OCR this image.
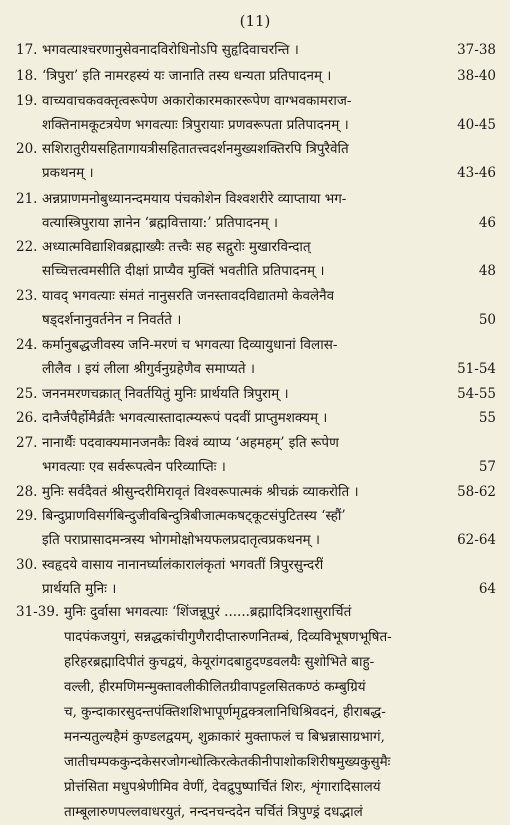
(11)
17. भगवत्याश्चरणानुसेवनादविरोधिनोऽपि सुहृदिवाचरन्ति ।	37-38
18. ‘त्रिपुरा’ इति नामरहस्यं यः जानाति तस्य धन्यता प्रतिपादनम् ।	38-40
19. वाच्यवाचकवक्तृत्वरूपेण अकारोकारमकाररूपेण वाग्भवकामराज-
शक्तिनामकूटत्रयेण भगवत्याः त्रिपुरायाः प्रणवरूपता प्रतिपादनम् ।	40-45
20. सशिरातुरीयसहितागायत्रीसहितातत्त्वदर्शनमुख्यशक्तिरपि त्रिपुरैवेति
प्रकथनम् ।	43-46
21. अन्नप्राणमनोबुध्यानन्दमयाय पंचकोशेन विश्वशरीरे व्याप्ताया भग-
वत्यास्त्रिपुराया ज्ञानेन ‘ब्रह्मवित्ताया:’ प्रतिपादनम् ।	46
22. अध्यात्मविद्याशिवब्रह्माख्यैः तत्त्वैः सह सद्गुरोः मुखारविन्दात्
सच्चित्तत्वमसीति दीक्षां प्राप्यैव मुक्तिं भवतीति प्रतिपादनम् ।	48
23. यावद् भगवत्याः संमतं नानुसरति जनस्तावदविद्यातमो केवलेनैव
षड्दर्शनानुवर्तनेन न निवर्तते ।	50
24. कर्मानुबद्धजीवस्य जनि-मरणं च भगवत्या दिव्यायुधानां विलास-
लीलैव । इयं लीला श्रीगुर्वनुग्रहेणैव समाप्यते ।	51-54
25. जननमरणचक्रात् निवर्तयितुं मुनिः प्रार्थयति त्रिपुराम् ।	54-55
26. दानैर्जपैर्होमैर्व्रतैः भगवत्यास्तादात्म्यरूपं पदवीं प्राप्तुमशक्यम् ।	55
27. नानार्थैः पदवाक्यमानजनकैः विश्वं व्याप्य ‘अहमहम्’ इति रूपेण
भगवत्याः एव सर्वरूपत्वेन परिव्याप्तिः ।	57
28. मुनिः सर्वदैवतं श्रीसुन्दरीमिरावृतं विश्वरूपात्मकं श्रीचक्रं व्याकरोति ।	58-62
29. बिन्दुप्राणविसर्गबिन्दुजीवबिन्दुत्रिबीजात्मकषट्कूटसंपुटितस्य ‘स्हौं’
इति पराप्रासादमन्त्रस्य भोगमोक्षोभयफलप्रदातृत्वप्रकथनम् ।	62-64
30. स्वहृदये वासाय नानानर्घ्यालंकारालंकृतां भगवतीं त्रिपुरसुन्दरीं
प्रार्थयति मुनिः ।	64
31-39. मुनिः दुर्वासा भगवत्याः ‘शिंजन्नूपुरं ......ब्रह्मादित्रिदशासुरार्चितं
पादपंकजयुगं, सन्नद्धकांचीगुणैरादीप्तारुणनितम्बं, दिव्यविभूषणभूषित-
हरिहरब्रह्मादिपीतं कुचद्वयं, केयूरांगदबाहुदण्डवलयैः सुशोभिते बाहु-
वल्ली, हीरमणिमन्मुक्तावलीकीलितग्रीवापट्टलसितकण्ठं कम्बुग्रियं
च, कुन्दाकारसुदन्तपंक्तिशशिभापूर्णमृद्वक्त्रलानिधिश्रिवदनं, हीराबद्ध-
मनन्यतुल्यहैमं कुण्डलद्वयम्, शुक्राकारं मुक्ताफलं च बिभ्रन्नासाग्रभागं,
जातीचम्पककुन्दकेसरजोगन्धोत्किरत्केतकीनीपाशोकशिरीषमुख्यकुसुमैः
प्रोत्तंसिता मधुपश्रेणीमिव वेणीं, देवद्रुपुष्पार्चितं शिरः, शृंगारादिसालयं
ताम्बूलारुणपल्लवाधरयुतं, नन्दनचन्ददेन चर्चितं त्रिपुण्ड्रं दधद्भालं
